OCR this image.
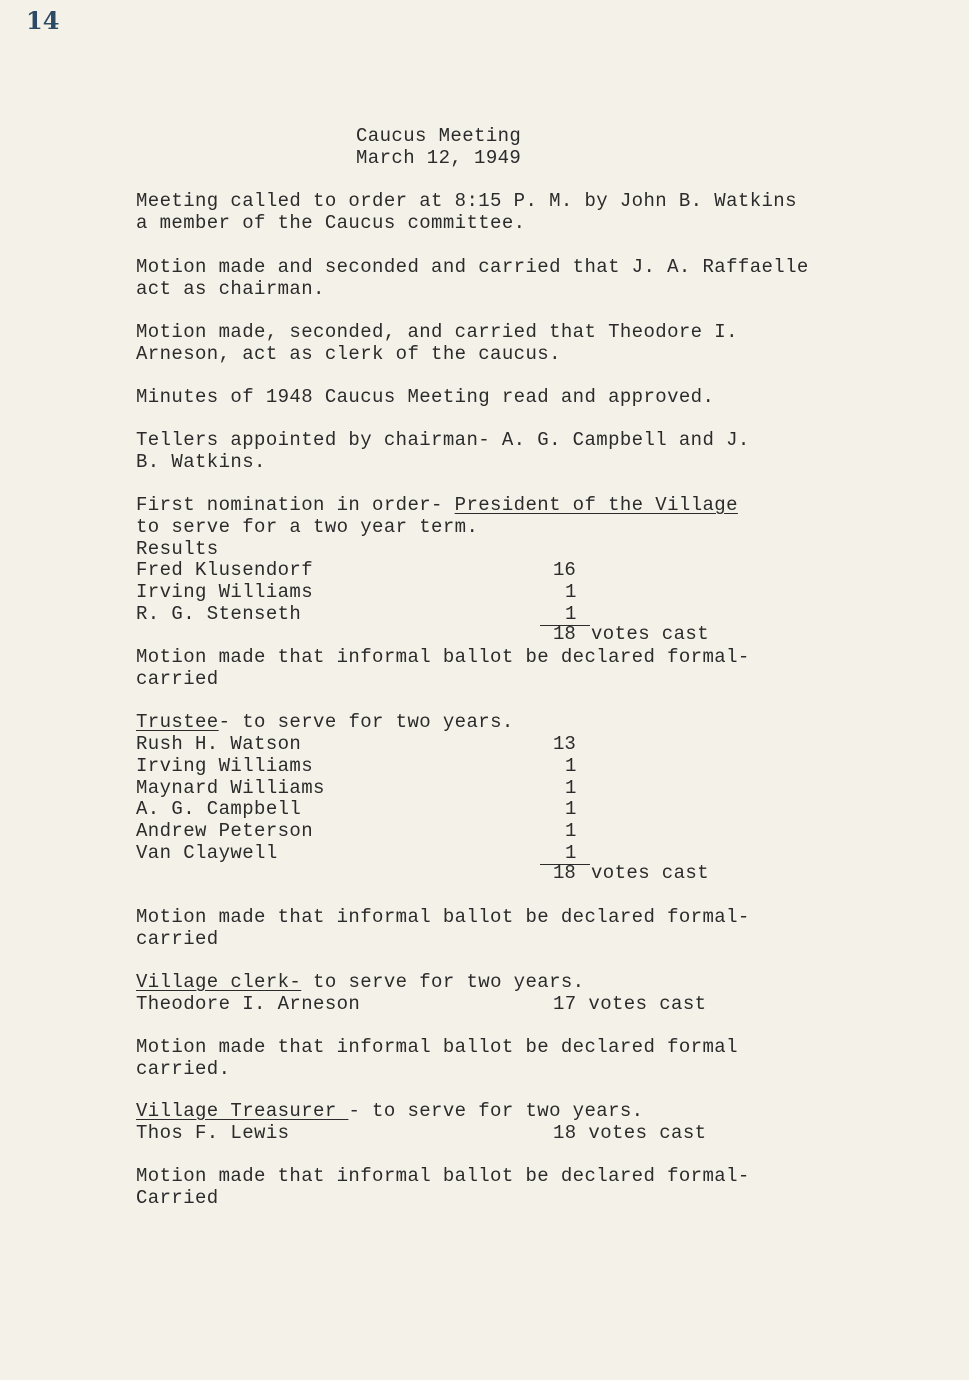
14
Caucus Meeting
March 12, 1949
Meeting called to order at 8:15 P. M. by John B. Watkins
a member of the Caucus committee.
Motion made and seconded and carried that J. A. Raffaelle
act as chairman.
Motion made, seconded, and carried that Theodore I.
Arneson, act as clerk of the caucus.
Minutes of 1948 Caucus Meeting read and approved.
Tellers appointed by chairman- A. G. Campbell and J.
B. Watkins.
First nomination in order- President of the Village
to serve for a two year term.
Results
Fred Klusendorf	16
Irving Williams	1
R. G. Stenseth	1
18 votes cast
Motion made that informal ballot be declared formal-
carried
Trustee- to serve for two years.
Rush H. Watson	13
Irving Williams	1
Maynard Williams	1
A. G. Campbell	1
Andrew Peterson	1
Van Claywell	1
18 votes cast
Motion made that informal ballot be declared formal-
carried
Village clerk- to serve for two years.
Theodore I. Arneson	17 votes cast
Motion made that informal ballot be declared formal
carried.
Village Treasurer - to serve for two years.
Thos F. Lewis	18 votes cast
Motion made that informal ballot be declared formal-
Carried
